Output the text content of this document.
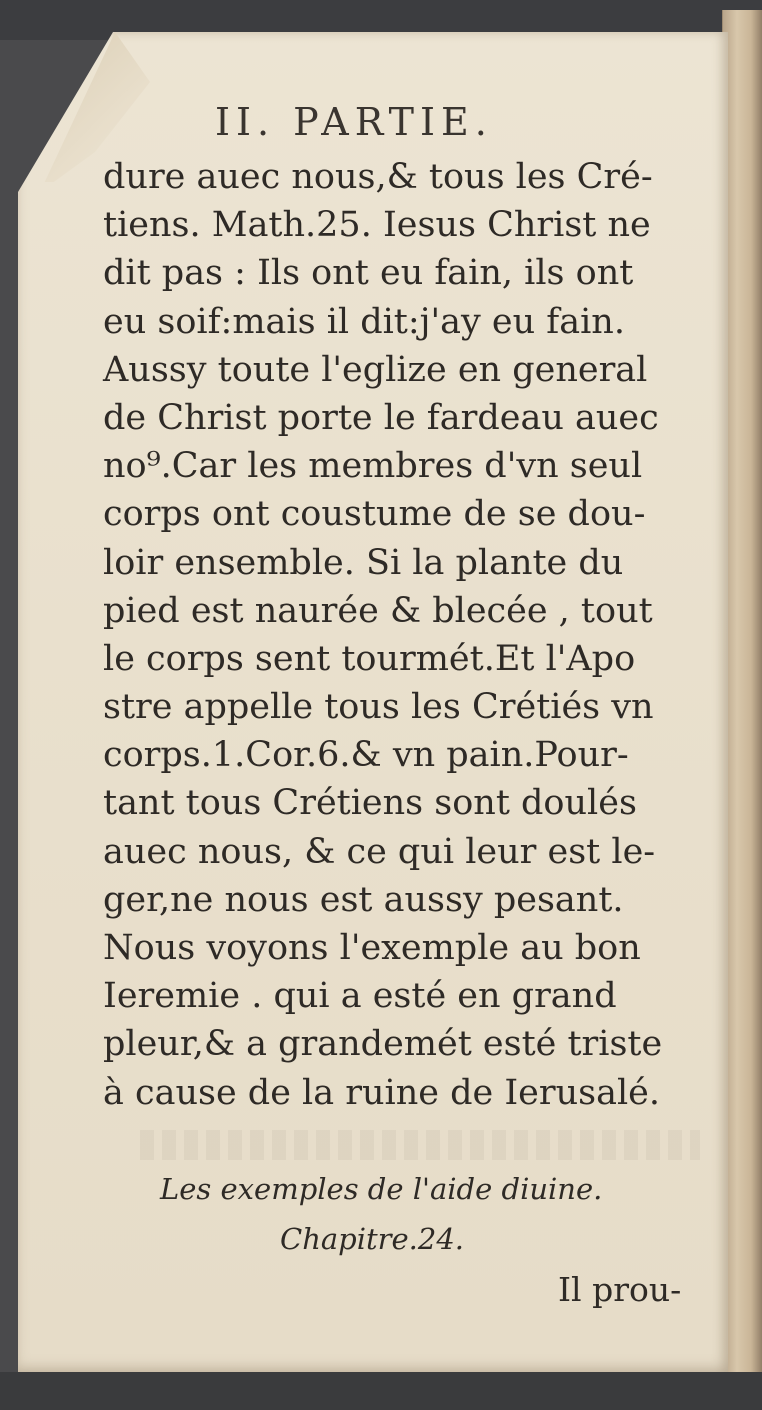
II. PARTIE.
dure auec nous,& tous les Cré-
tiens. Math.25. Iesus Christ ne
dit pas : Ils ont eu fain, ils ont
eu soif:mais il dit:j'ay eu fain.
Aussy toute l'eglize en general
de Christ porte le fardeau auec
no⁹.Car les membres d'vn seul
corps ont coustume de se dou-
loir ensemble. Si la plante du
pied est naurée & blecée , tout
le corps sent tourmét.Et l'Apo
stre appelle tous les Crétiés vn
corps.1.Cor.6.& vn pain.Pour-
tant tous Crétiens sont doulés
auec nous, & ce qui leur est le-
ger,ne nous est aussy pesant.
Nous voyons l'exemple au bon
Ieremie . qui a esté en grand
pleur,& a grandemét esté triste
à cause de la ruine de Ierusalé.
Les exemples de l'aide diuine.
Chapitre.24.
Il prou-
